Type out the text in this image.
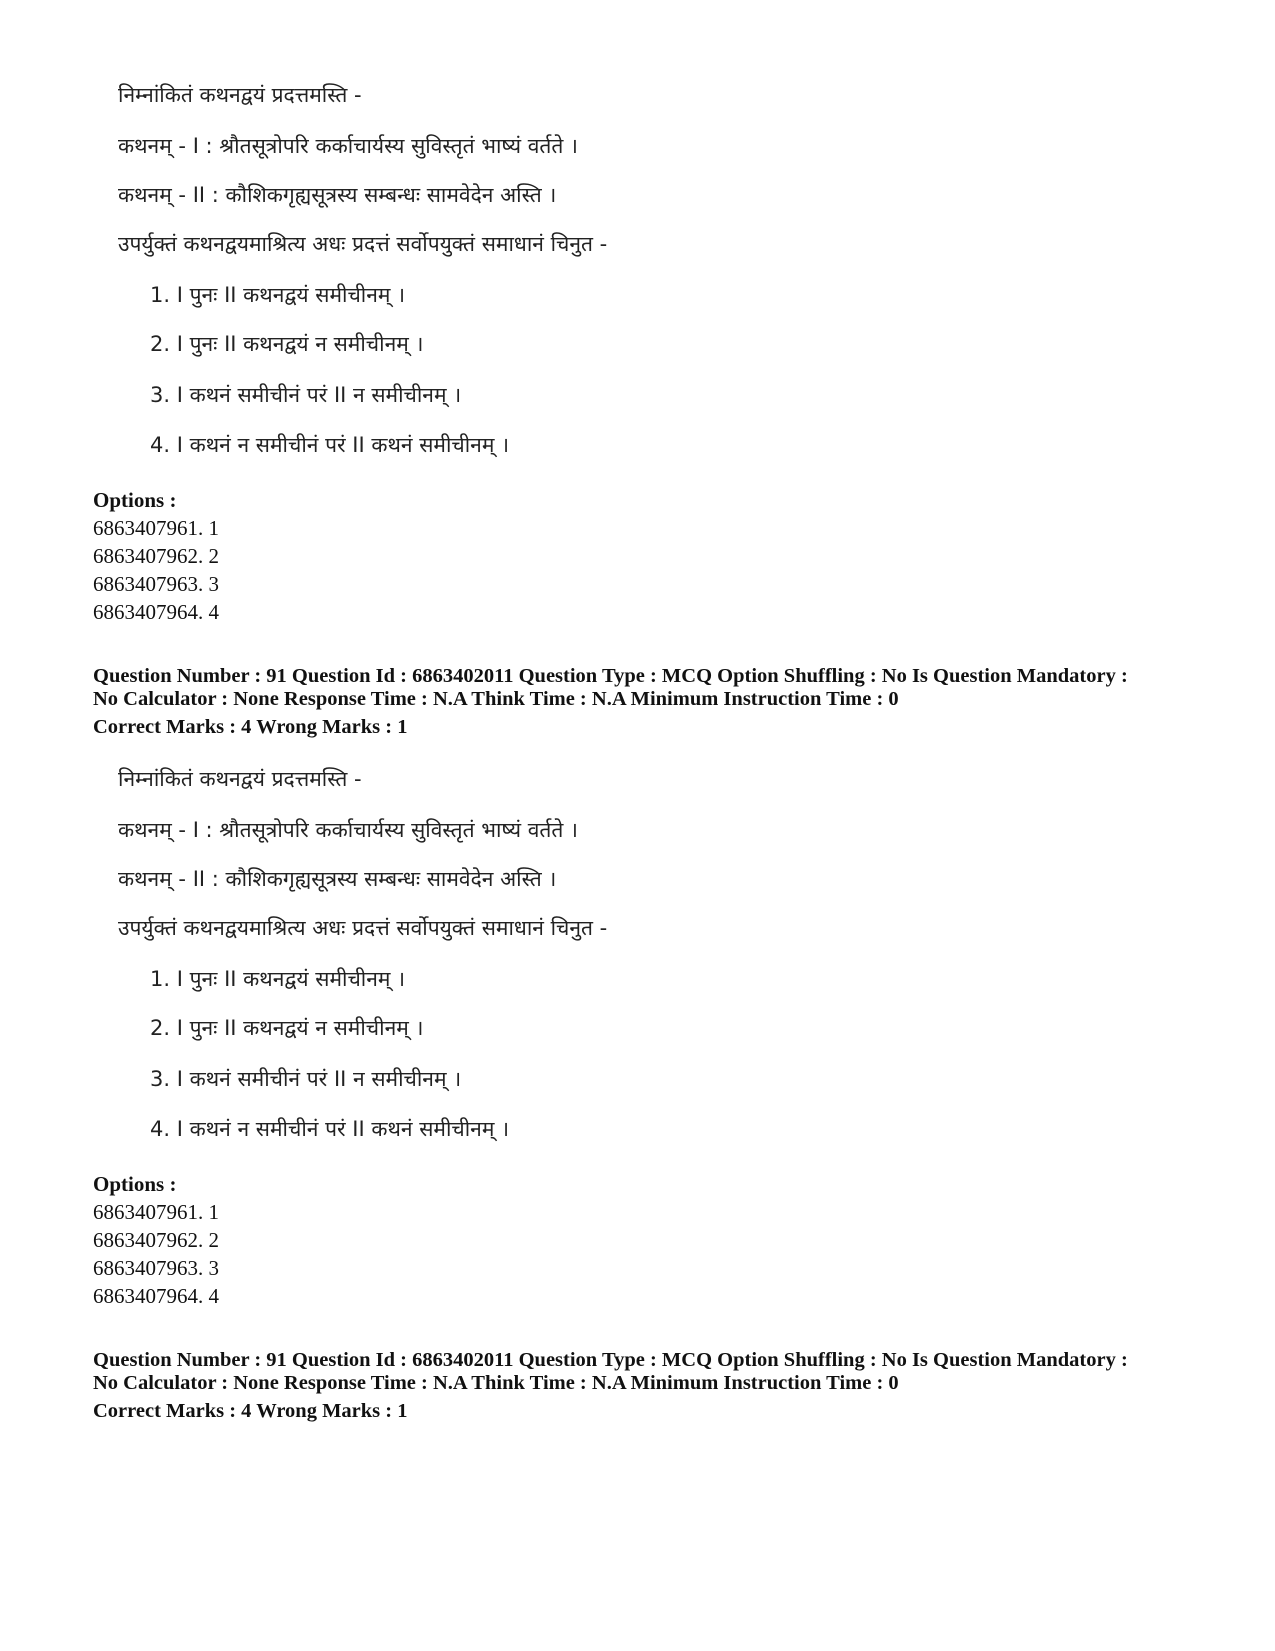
निम्नांकितं कथनद्वयं प्रदत्तमस्ति -
कथनम् - I : श्रौतसूत्रोपरि कर्काचार्यस्य सुविस्तृतं भाष्यं वर्तते ।
कथनम् - II : कौशिकगृह्यसूत्रस्य सम्बन्धः सामवेदेन अस्ति ।
उपर्युक्तं कथनद्वयमाश्रित्य अधः प्रदत्तं सर्वोपयुक्तं समाधानं चिनुत -
1. I पुनः II कथनद्वयं समीचीनम् ।
2. I पुनः II कथनद्वयं न समीचीनम् ।
3. I कथनं समीचीनं परं II न समीचीनम् ।
4. I कथनं न समीचीनं परं II कथनं समीचीनम् ।
Options :
6863407961. 1
6863407962. 2
6863407963. 3
6863407964. 4
Question Number : 91 Question Id : 6863402011 Question Type : MCQ Option Shuffling : No Is Question Mandatory :
No Calculator : None Response Time : N.A Think Time : N.A Minimum Instruction Time : 0
Correct Marks : 4 Wrong Marks : 1
निम्नांकितं कथनद्वयं प्रदत्तमस्ति -
कथनम् - I : श्रौतसूत्रोपरि कर्काचार्यस्य सुविस्तृतं भाष्यं वर्तते ।
कथनम् - II : कौशिकगृह्यसूत्रस्य सम्बन्धः सामवेदेन अस्ति ।
उपर्युक्तं कथनद्वयमाश्रित्य अधः प्रदत्तं सर्वोपयुक्तं समाधानं चिनुत -
1. I पुनः II कथनद्वयं समीचीनम् ।
2. I पुनः II कथनद्वयं न समीचीनम् ।
3. I कथनं समीचीनं परं II न समीचीनम् ।
4. I कथनं न समीचीनं परं II कथनं समीचीनम् ।
Options :
6863407961. 1
6863407962. 2
6863407963. 3
6863407964. 4
Question Number : 91 Question Id : 6863402011 Question Type : MCQ Option Shuffling : No Is Question Mandatory :
No Calculator : None Response Time : N.A Think Time : N.A Minimum Instruction Time : 0
Correct Marks : 4 Wrong Marks : 1
